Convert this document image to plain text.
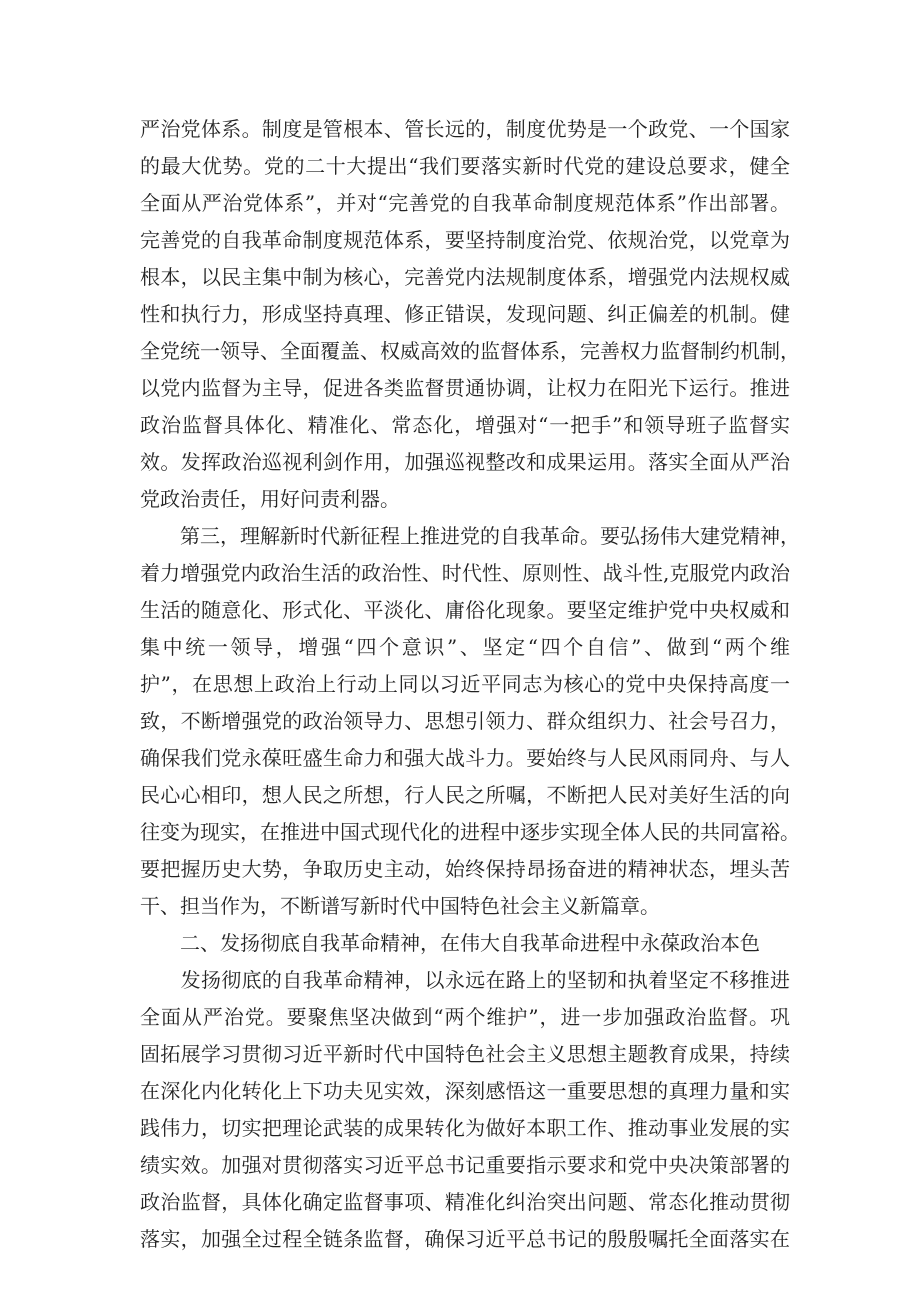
严治党体系。制度是管根本、管长远的，制度优势是一个政党、一个国家
的最大优势。党的二十大提出“我们要落实新时代党的建设总要求，健全
全面从严治党体系”，并对“完善党的自我革命制度规范体系”作出部署。
完善党的自我革命制度规范体系，要坚持制度治党、依规治党，以党章为
根本，以民主集中制为核心，完善党内法规制度体系，增强党内法规权威
性和执行力，形成坚持真理、修正错误，发现问题、纠正偏差的机制。健
全党统一领导、全面覆盖、权威高效的监督体系，完善权力监督制约机制，
以党内监督为主导，促进各类监督贯通协调，让权力在阳光下运行。推进
政治监督具体化、精准化、常态化，增强对“一把手”和领导班子监督实
效。发挥政治巡视利剑作用，加强巡视整改和成果运用。落实全面从严治
党政治责任，用好问责利器。
　　第三，理解新时代新征程上推进党的自我革命。要弘扬伟大建党精神，
着力增强党内政治生活的政治性、时代性、原则性、战斗性,克服党内政治
生活的随意化、形式化、平淡化、庸俗化现象。要坚定维护党中央权威和
集中统一领导，增强“四个意识”、坚定“四个自信”、做到“两个维
护”，在思想上政治上行动上同以习近平同志为核心的党中央保持高度一
致，不断增强党的政治领导力、思想引领力、群众组织力、社会号召力，
确保我们党永葆旺盛生命力和强大战斗力。要始终与人民风雨同舟、与人
民心心相印，想人民之所想，行人民之所嘱，不断把人民对美好生活的向
往变为现实，在推进中国式现代化的进程中逐步实现全体人民的共同富裕。
要把握历史大势，争取历史主动，始终保持昂扬奋进的精神状态，埋头苦
干、担当作为，不断谱写新时代中国特色社会主义新篇章。
　　二、发扬彻底自我革命精神，在伟大自我革命进程中永葆政治本色
　　发扬彻底的自我革命精神，以永远在路上的坚韧和执着坚定不移推进
全面从严治党。要聚焦坚决做到“两个维护”，进一步加强政治监督。巩
固拓展学习贯彻习近平新时代中国特色社会主义思想主题教育成果，持续
在深化内化转化上下功夫见实效，深刻感悟这一重要思想的真理力量和实
践伟力，切实把理论武装的成果转化为做好本职工作、推动事业发展的实
绩实效。加强对贯彻落实习近平总书记重要指示要求和党中央决策部署的
政治监督，具体化确定监督事项、精准化纠治突出问题、常态化推动贯彻
落实，加强全过程全链条监督，确保习近平总书记的殷殷嘱托全面落实在
